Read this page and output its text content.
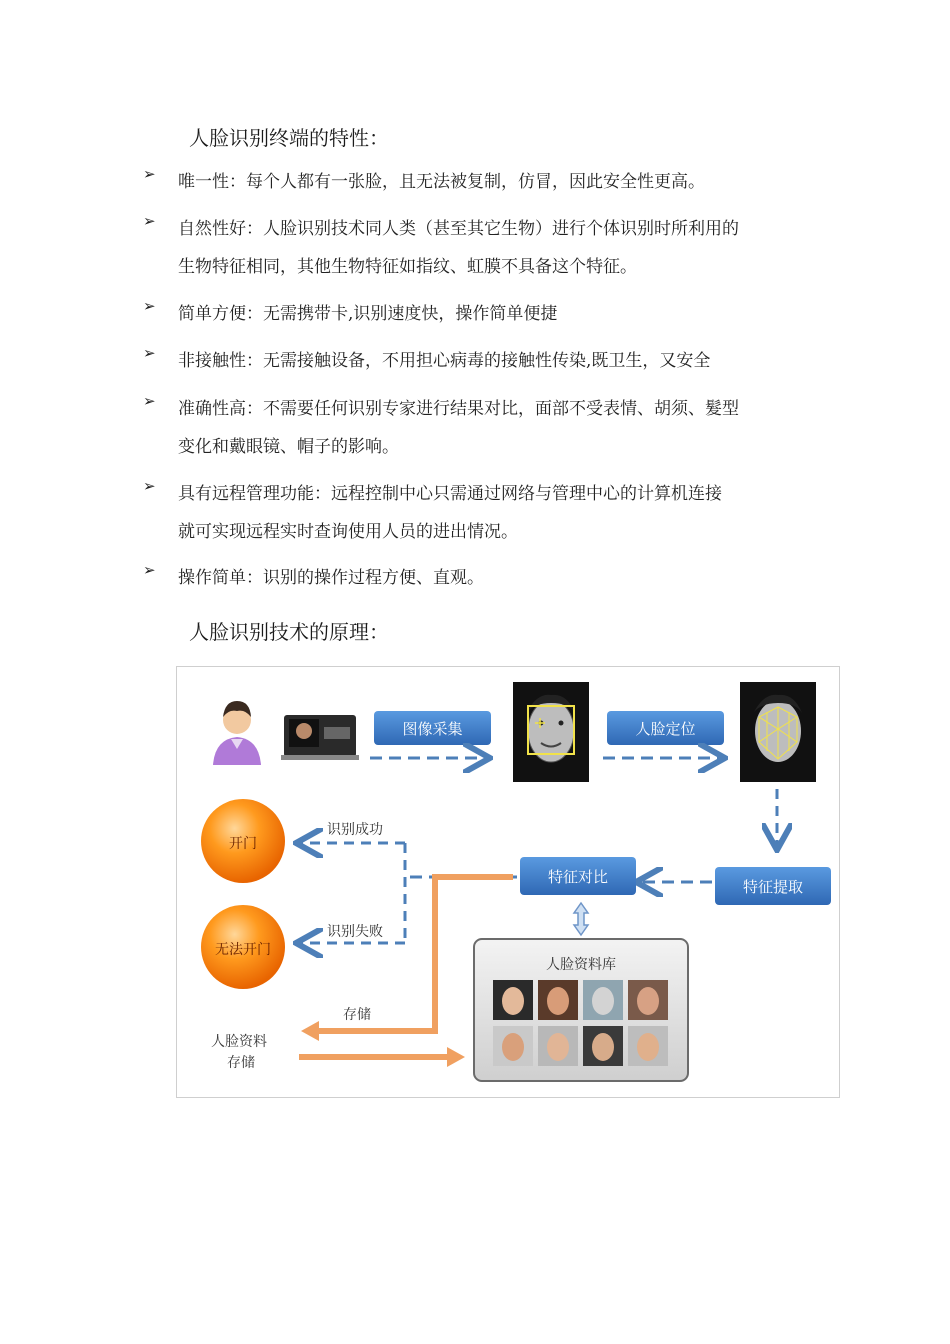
人脸识别终端的特性：
➢ 唯一性：每个人都有一张脸，且无法被复制，仿冒，因此安全性更高。
➢ 自然性好：人脸识别技术同人类（甚至其它生物）进行个体识别时所利用的
生物特征相同，其他生物特征如指纹、虹膜不具备这个特征。
➢ 简单方便：无需携带卡,识别速度快，操作简单便捷
➢ 非接触性：无需接触设备，不用担心病毒的接触性传染,既卫生，又安全
➢ 准确性高：不需要任何识别专家进行结果对比，面部不受表情、胡须、髮型
变化和戴眼镜、帽子的影响。
➢ 具有远程管理功能：远程控制中心只需通过网络与管理中心的计算机连接
就可实现远程实时查询使用人员的进出情况。
➢ 操作简单：识别的操作过程方便、直观。
人脸识别技术的原理：
图像采集	人脸定位
特征提取
特征对比
识别成功
识别失败
开门
无法开门
人脸资料库
存储
人脸资料
存储
